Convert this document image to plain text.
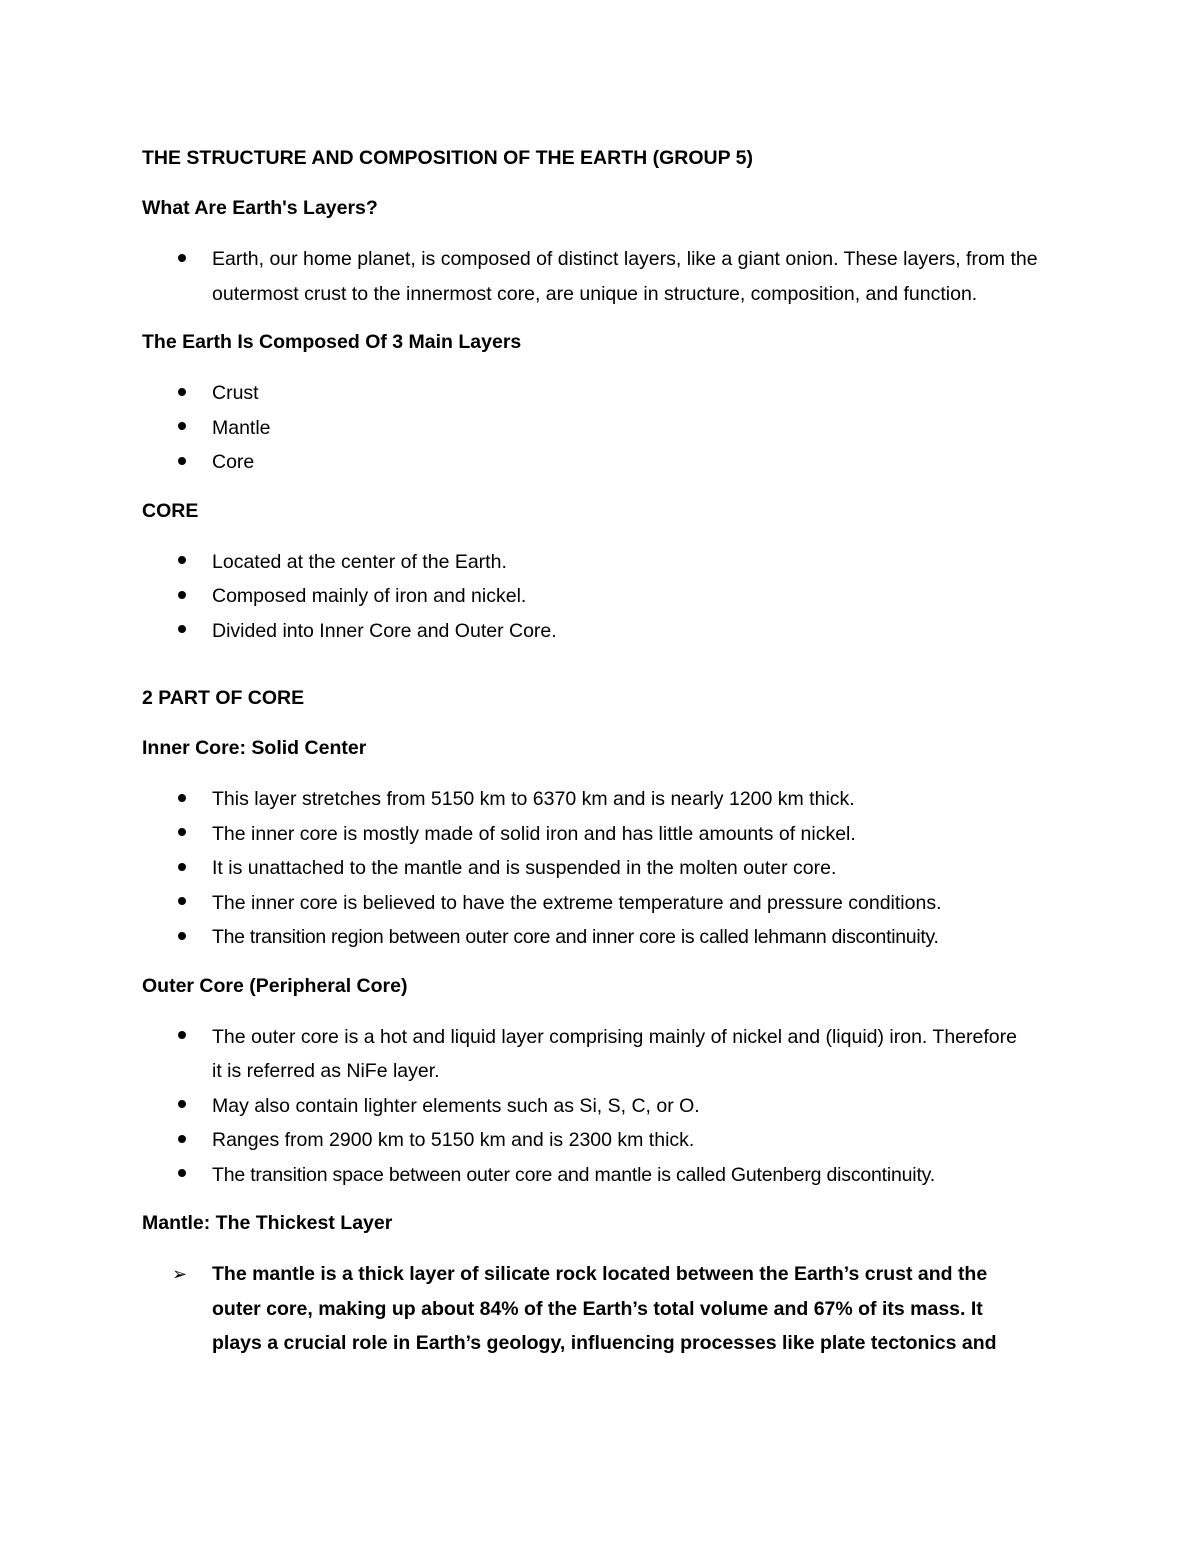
THE STRUCTURE AND COMPOSITION OF THE EARTH (GROUP 5)

What Are Earth's Layers?

Earth, our home planet, is composed of distinct layers, like a giant onion. These layers, from the outermost crust to the innermost core, are unique in structure, composition, and function.

The Earth Is Composed Of 3 Main Layers

Crust
Mantle
Core

CORE

Located at the center of the Earth.
Composed mainly of iron and nickel.
Divided into Inner Core and Outer Core.

2 PART OF CORE

Inner Core: Solid Center

This layer stretches from 5150 km to 6370 km and is nearly 1200 km thick.
The inner core is mostly made of solid iron and has little amounts of nickel.
It is unattached to the mantle and is suspended in the molten outer core.
The inner core is believed to have the extreme temperature and pressure conditions.
The transition region between outer core and inner core is called lehmann discontinuity.

Outer Core (Peripheral Core)

The outer core is a hot and liquid layer comprising mainly of nickel and (liquid) iron. Therefore it is referred as NiFe layer.
May also contain lighter elements such as Si, S, C, or O.
Ranges from 2900 km to 5150 km and is 2300 km thick.
The transition space between outer core and mantle is called Gutenberg discontinuity.

Mantle: The Thickest Layer

➢ The mantle is a thick layer of silicate rock located between the Earth’s crust and the outer core, making up about 84% of the Earth’s total volume and 67% of its mass. It plays a crucial role in Earth’s geology, influencing processes like plate tectonics and
